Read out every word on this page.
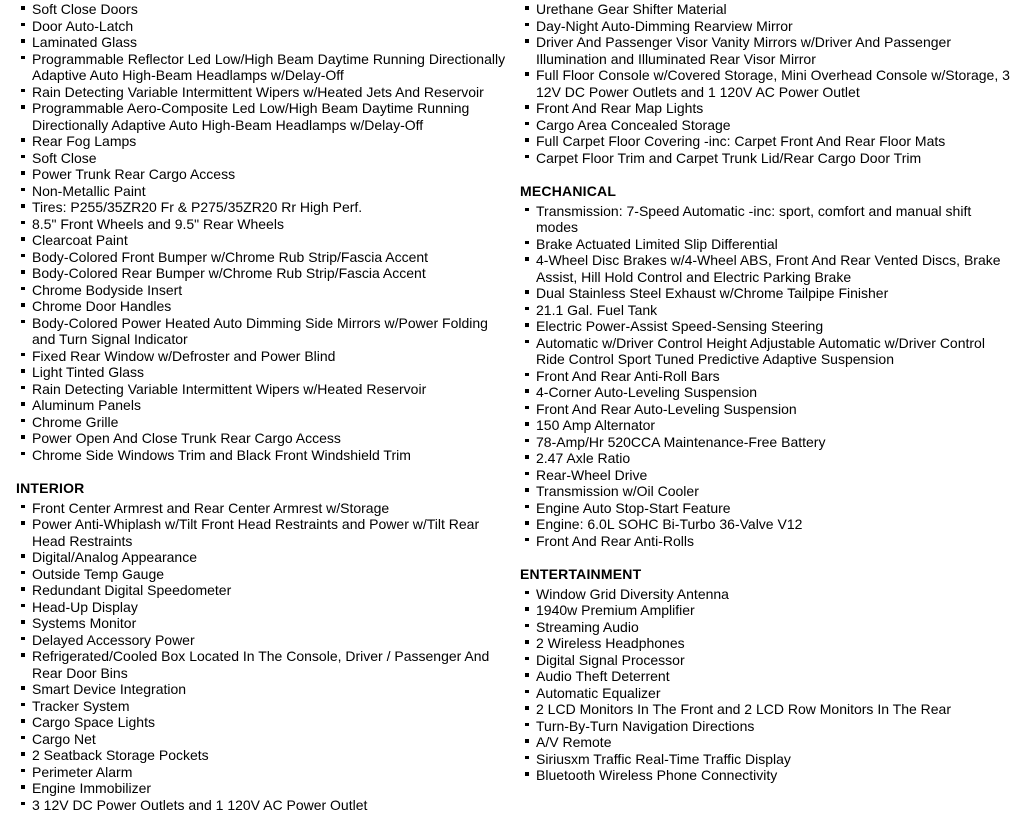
Soft Close Doors
Door Auto-Latch
Laminated Glass
Programmable Reflector Led Low/High Beam Daytime Running Directionally Adaptive Auto High-Beam Headlamps w/Delay-Off
Rain Detecting Variable Intermittent Wipers w/Heated Jets And Reservoir
Programmable Aero-Composite Led Low/High Beam Daytime Running Directionally Adaptive Auto High-Beam Headlamps w/Delay-Off
Rear Fog Lamps
Soft Close
Power Trunk Rear Cargo Access
Non-Metallic Paint
Tires: P255/35ZR20 Fr & P275/35ZR20 Rr High Perf.
8.5" Front Wheels and 9.5" Rear Wheels
Clearcoat Paint
Body-Colored Front Bumper w/Chrome Rub Strip/Fascia Accent
Body-Colored Rear Bumper w/Chrome Rub Strip/Fascia Accent
Chrome Bodyside Insert
Chrome Door Handles
Body-Colored Power Heated Auto Dimming Side Mirrors w/Power Folding and Turn Signal Indicator
Fixed Rear Window w/Defroster and Power Blind
Light Tinted Glass
Rain Detecting Variable Intermittent Wipers w/Heated Reservoir
Aluminum Panels
Chrome Grille
Power Open And Close Trunk Rear Cargo Access
Chrome Side Windows Trim and Black Front Windshield Trim
INTERIOR
Front Center Armrest and Rear Center Armrest w/Storage
Power Anti-Whiplash w/Tilt Front Head Restraints and Power w/Tilt Rear Head Restraints
Digital/Analog Appearance
Outside Temp Gauge
Redundant Digital Speedometer
Head-Up Display
Systems Monitor
Delayed Accessory Power
Refrigerated/Cooled Box Located In The Console, Driver / Passenger And Rear Door Bins
Smart Device Integration
Tracker System
Cargo Space Lights
Cargo Net
2 Seatback Storage Pockets
Perimeter Alarm
Engine Immobilizer
3 12V DC Power Outlets and 1 120V AC Power Outlet
Urethane Gear Shifter Material
Day-Night Auto-Dimming Rearview Mirror
Driver And Passenger Visor Vanity Mirrors w/Driver And Passenger Illumination and Illuminated Rear Visor Mirror
Full Floor Console w/Covered Storage, Mini Overhead Console w/Storage, 3 12V DC Power Outlets and 1 120V AC Power Outlet
Front And Rear Map Lights
Cargo Area Concealed Storage
Full Carpet Floor Covering -inc: Carpet Front And Rear Floor Mats
Carpet Floor Trim and Carpet Trunk Lid/Rear Cargo Door Trim
MECHANICAL
Transmission: 7-Speed Automatic -inc: sport, comfort and manual shift modes
Brake Actuated Limited Slip Differential
4-Wheel Disc Brakes w/4-Wheel ABS, Front And Rear Vented Discs, Brake Assist, Hill Hold Control and Electric Parking Brake
Dual Stainless Steel Exhaust w/Chrome Tailpipe Finisher
21.1 Gal. Fuel Tank
Electric Power-Assist Speed-Sensing Steering
Automatic w/Driver Control Height Adjustable Automatic w/Driver Control Ride Control Sport Tuned Predictive Adaptive Suspension
Front And Rear Anti-Roll Bars
4-Corner Auto-Leveling Suspension
Front And Rear Auto-Leveling Suspension
150 Amp Alternator
78-Amp/Hr 520CCA Maintenance-Free Battery
2.47 Axle Ratio
Rear-Wheel Drive
Transmission w/Oil Cooler
Engine Auto Stop-Start Feature
Engine: 6.0L SOHC Bi-Turbo 36-Valve V12
Front And Rear Anti-Rolls
ENTERTAINMENT
Window Grid Diversity Antenna
1940w Premium Amplifier
Streaming Audio
2 Wireless Headphones
Digital Signal Processor
Audio Theft Deterrent
Automatic Equalizer
2 LCD Monitors In The Front and 2 LCD Row Monitors In The Rear
Turn-By-Turn Navigation Directions
A/V Remote
Siriusxm Traffic Real-Time Traffic Display
Bluetooth Wireless Phone Connectivity
